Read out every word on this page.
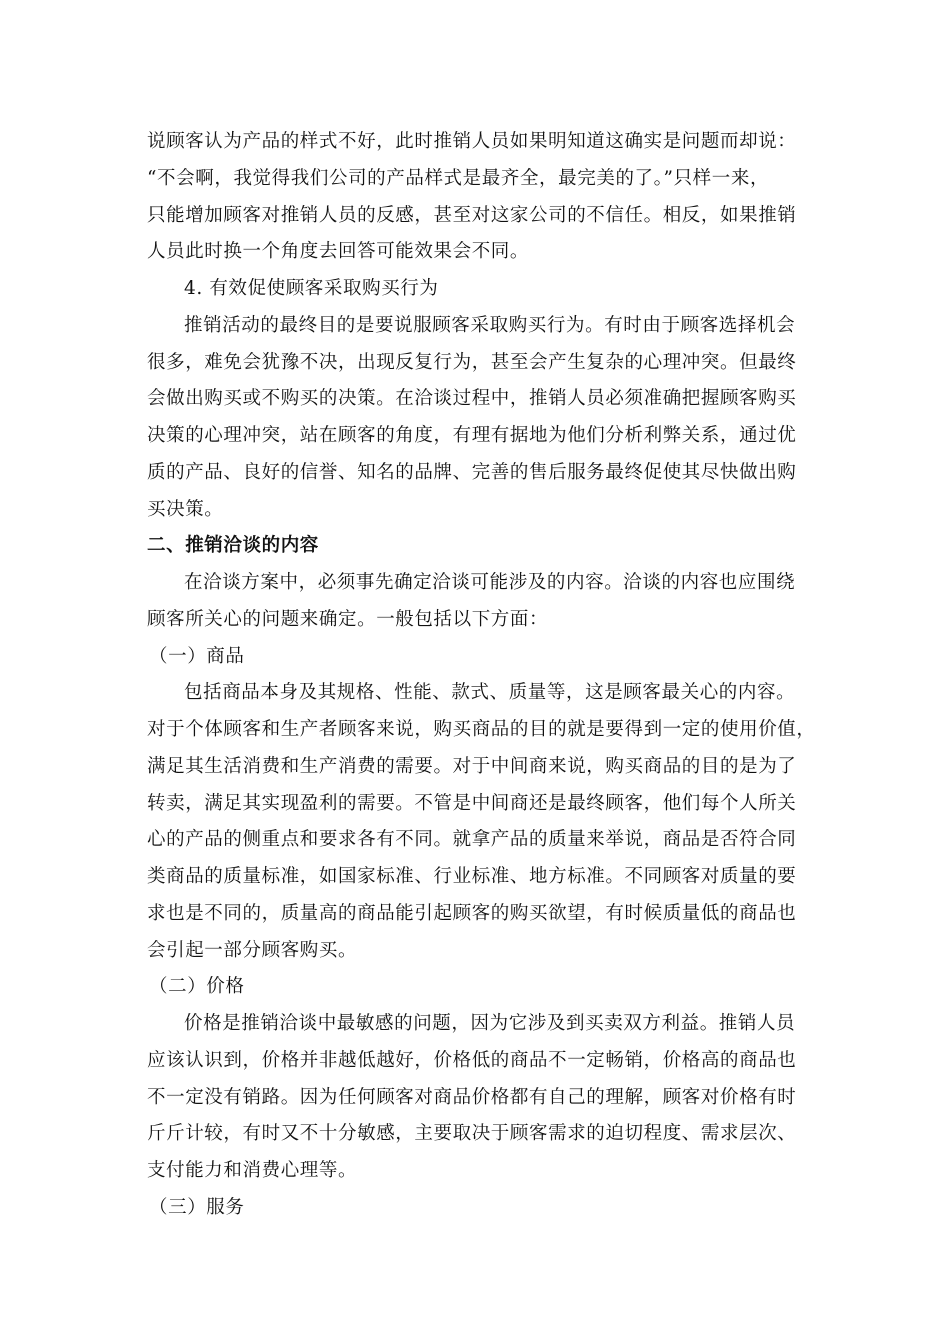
说顾客认为产品的样式不好，此时推销人员如果明知道这确实是问题而却说：
“不会啊，我觉得我们公司的产品样式是最齐全，最完美的了。”只样一来，
只能增加顾客对推销人员的反感，甚至对这家公司的不信任。相反，如果推销
人员此时换一个角度去回答可能效果会不同。
4. 有效促使顾客采取购买行为
推销活动的最终目的是要说服顾客采取购买行为。有时由于顾客选择机会
很多，难免会犹豫不决，出现反复行为，甚至会产生复杂的心理冲突。但最终
会做出购买或不购买的决策。在洽谈过程中，推销人员必须准确把握顾客购买
决策的心理冲突，站在顾客的角度，有理有据地为他们分析利弊关系，通过优
质的产品、良好的信誉、知名的品牌、完善的售后服务最终促使其尽快做出购
买决策。
二、推销洽谈的内容
在洽谈方案中，必须事先确定洽谈可能涉及的内容。洽谈的内容也应围绕
顾客所关心的问题来确定。一般包括以下方面：
（一）商品
包括商品本身及其规格、性能、款式、质量等，这是顾客最关心的内容。
对于个体顾客和生产者顾客来说，购买商品的目的就是要得到一定的使用价值，
满足其生活消费和生产消费的需要。对于中间商来说，购买商品的目的是为了
转卖，满足其实现盈利的需要。不管是中间商还是最终顾客，他们每个人所关
心的产品的侧重点和要求各有不同。就拿产品的质量来举说，商品是否符合同
类商品的质量标准，如国家标准、行业标准、地方标准。不同顾客对质量的要
求也是不同的，质量高的商品能引起顾客的购买欲望，有时候质量低的商品也
会引起一部分顾客购买。
（二）价格
价格是推销洽谈中最敏感的问题，因为它涉及到买卖双方利益。推销人员
应该认识到，价格并非越低越好，价格低的商品不一定畅销，价格高的商品也
不一定没有销路。因为任何顾客对商品价格都有自己的理解，顾客对价格有时
斤斤计较，有时又不十分敏感，主要取决于顾客需求的迫切程度、需求层次、
支付能力和消费心理等。
（三）服务
